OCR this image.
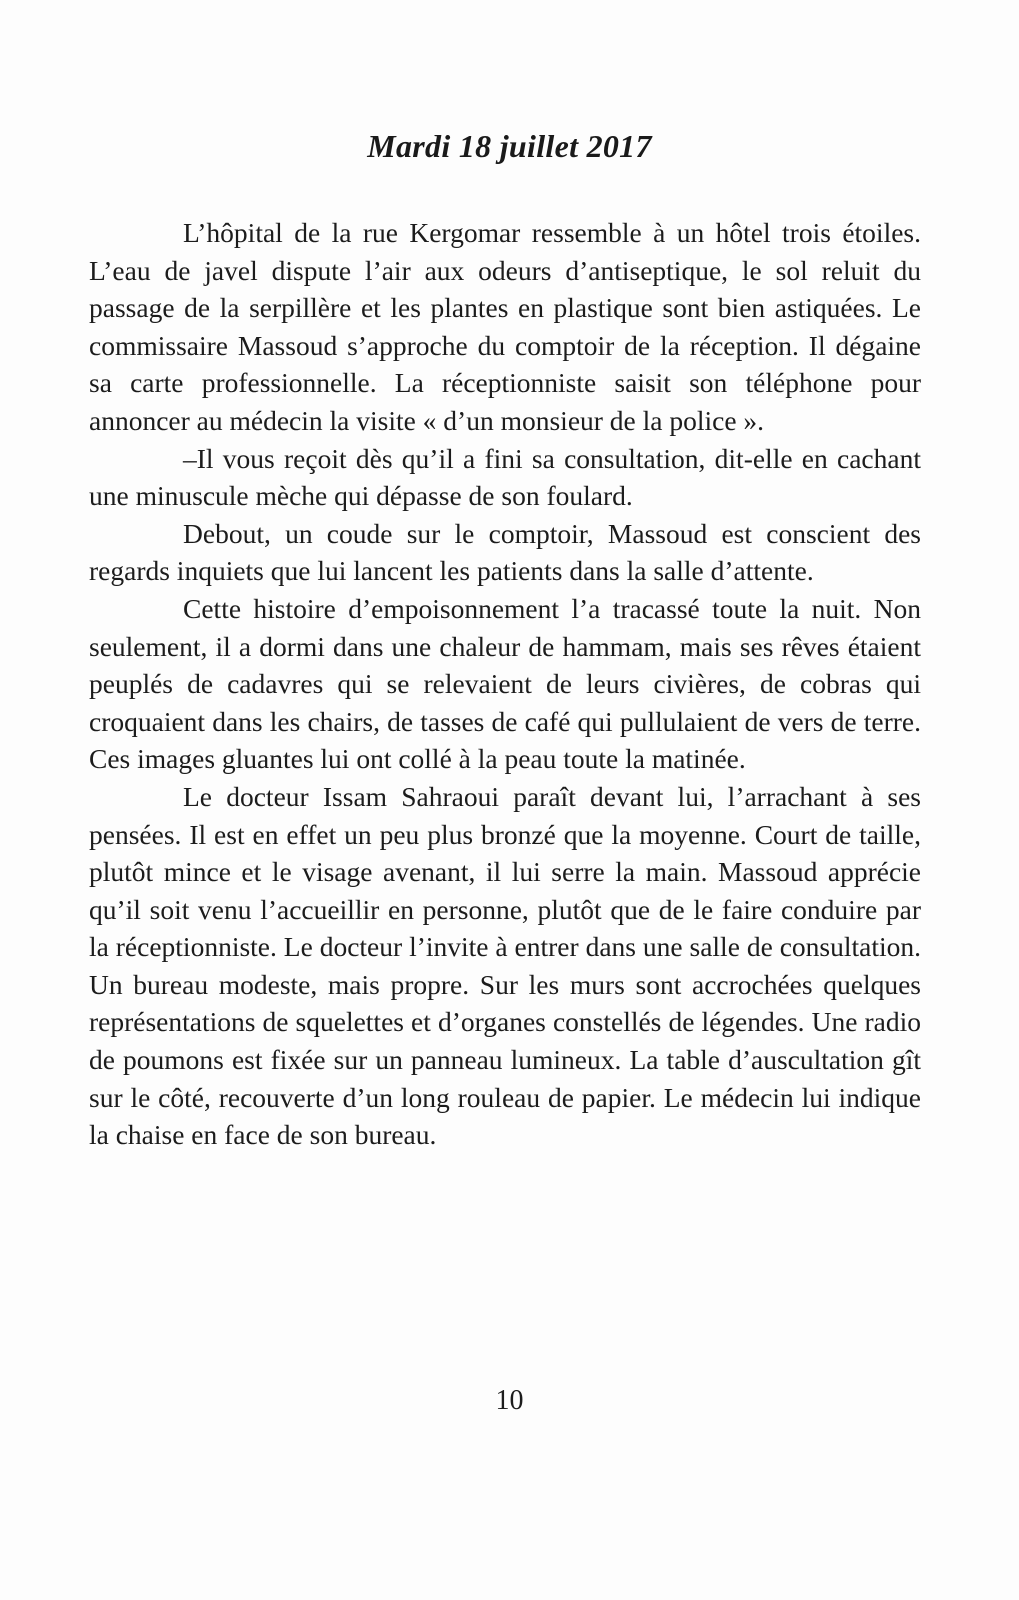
Mardi 18 juillet 2017

L’hôpital de la rue Kergomar ressemble à un hôtel trois étoiles. L’eau de javel dispute l’air aux odeurs d’antiseptique, le sol reluit du passage de la serpillère et les plantes en plastique sont bien astiquées. Le commissaire Massoud s’approche du comptoir de la réception. Il dégaine sa carte professionnelle. La réceptionniste saisit son téléphone pour annoncer au médecin la visite « d’un monsieur de la police ».

–Il vous reçoit dès qu’il a fini sa consultation, dit-elle en cachant une minuscule mèche qui dépasse de son foulard.

Debout, un coude sur le comptoir, Massoud est conscient des regards inquiets que lui lancent les patients dans la salle d’attente.

Cette histoire d’empoisonnement l’a tracassé toute la nuit. Non seulement, il a dormi dans une chaleur de hammam, mais ses rêves étaient peuplés de cadavres qui se relevaient de leurs civières, de cobras qui croquaient dans les chairs, de tasses de café qui pullulaient de vers de terre. Ces images gluantes lui ont collé à la peau toute la matinée.

Le docteur Issam Sahraoui paraît devant lui, l’arrachant à ses pensées. Il est en effet un peu plus bronzé que la moyenne. Court de taille, plutôt mince et le visage avenant, il lui serre la main. Massoud apprécie qu’il soit venu l’accueillir en personne, plutôt que de le faire conduire par la réceptionniste. Le docteur l’invite à entrer dans une salle de consultation. Un bureau modeste, mais propre. Sur les murs sont accrochées quelques représentations de squelettes et d’organes constellés de légendes. Une radio de poumons est fixée sur un panneau lumineux. La table d’auscultation gît sur le côté, recouverte d’un long rouleau de papier. Le médecin lui indique la chaise en face de son bureau.

10
